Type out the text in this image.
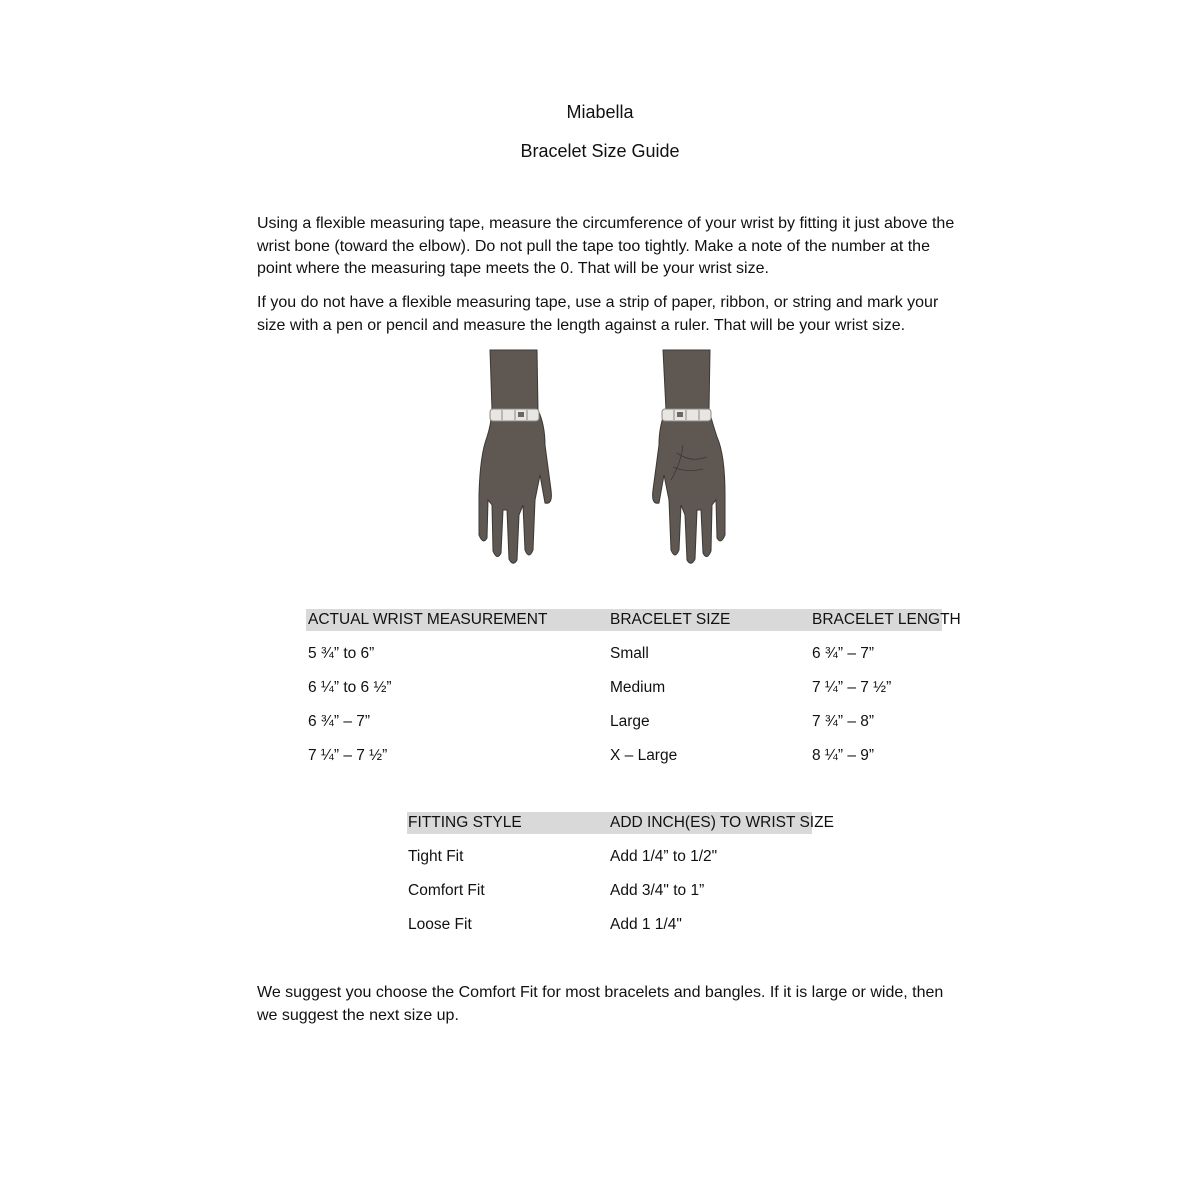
Miabella
Bracelet Size Guide

Using a flexible measuring tape, measure the circumference of your wrist by fitting it just above the wrist bone (toward the elbow). Do not pull the tape too tightly. Make a note of the number at the point where the measuring tape meets the 0. That will be your wrist size.

If you do not have a flexible measuring tape, use a strip of paper, ribbon, or string and mark your size with a pen or pencil and measure the length against a ruler. That will be your wrist size.

ACTUAL WRIST MEASUREMENT	BRACELET SIZE	BRACELET LENGTH
5 ¾” to 6”	Small	6 ¾” – 7”
6 ¼” to 6 ½”	Medium	7 ¼” – 7 ½”
6 ¾” – 7”	Large	7 ¾” – 8”
7 ¼” – 7 ½”	X – Large	8 ¼” – 9”
FITTING STYLE	ADD INCH(ES) TO WRIST SIZE
Tight Fit	Add 1/4” to 1/2"
Comfort Fit	Add 3/4" to 1”
Loose Fit	Add 1 1/4"

We suggest you choose the Comfort Fit for most bracelets and bangles. If it is large or wide, then we suggest the next size up.
